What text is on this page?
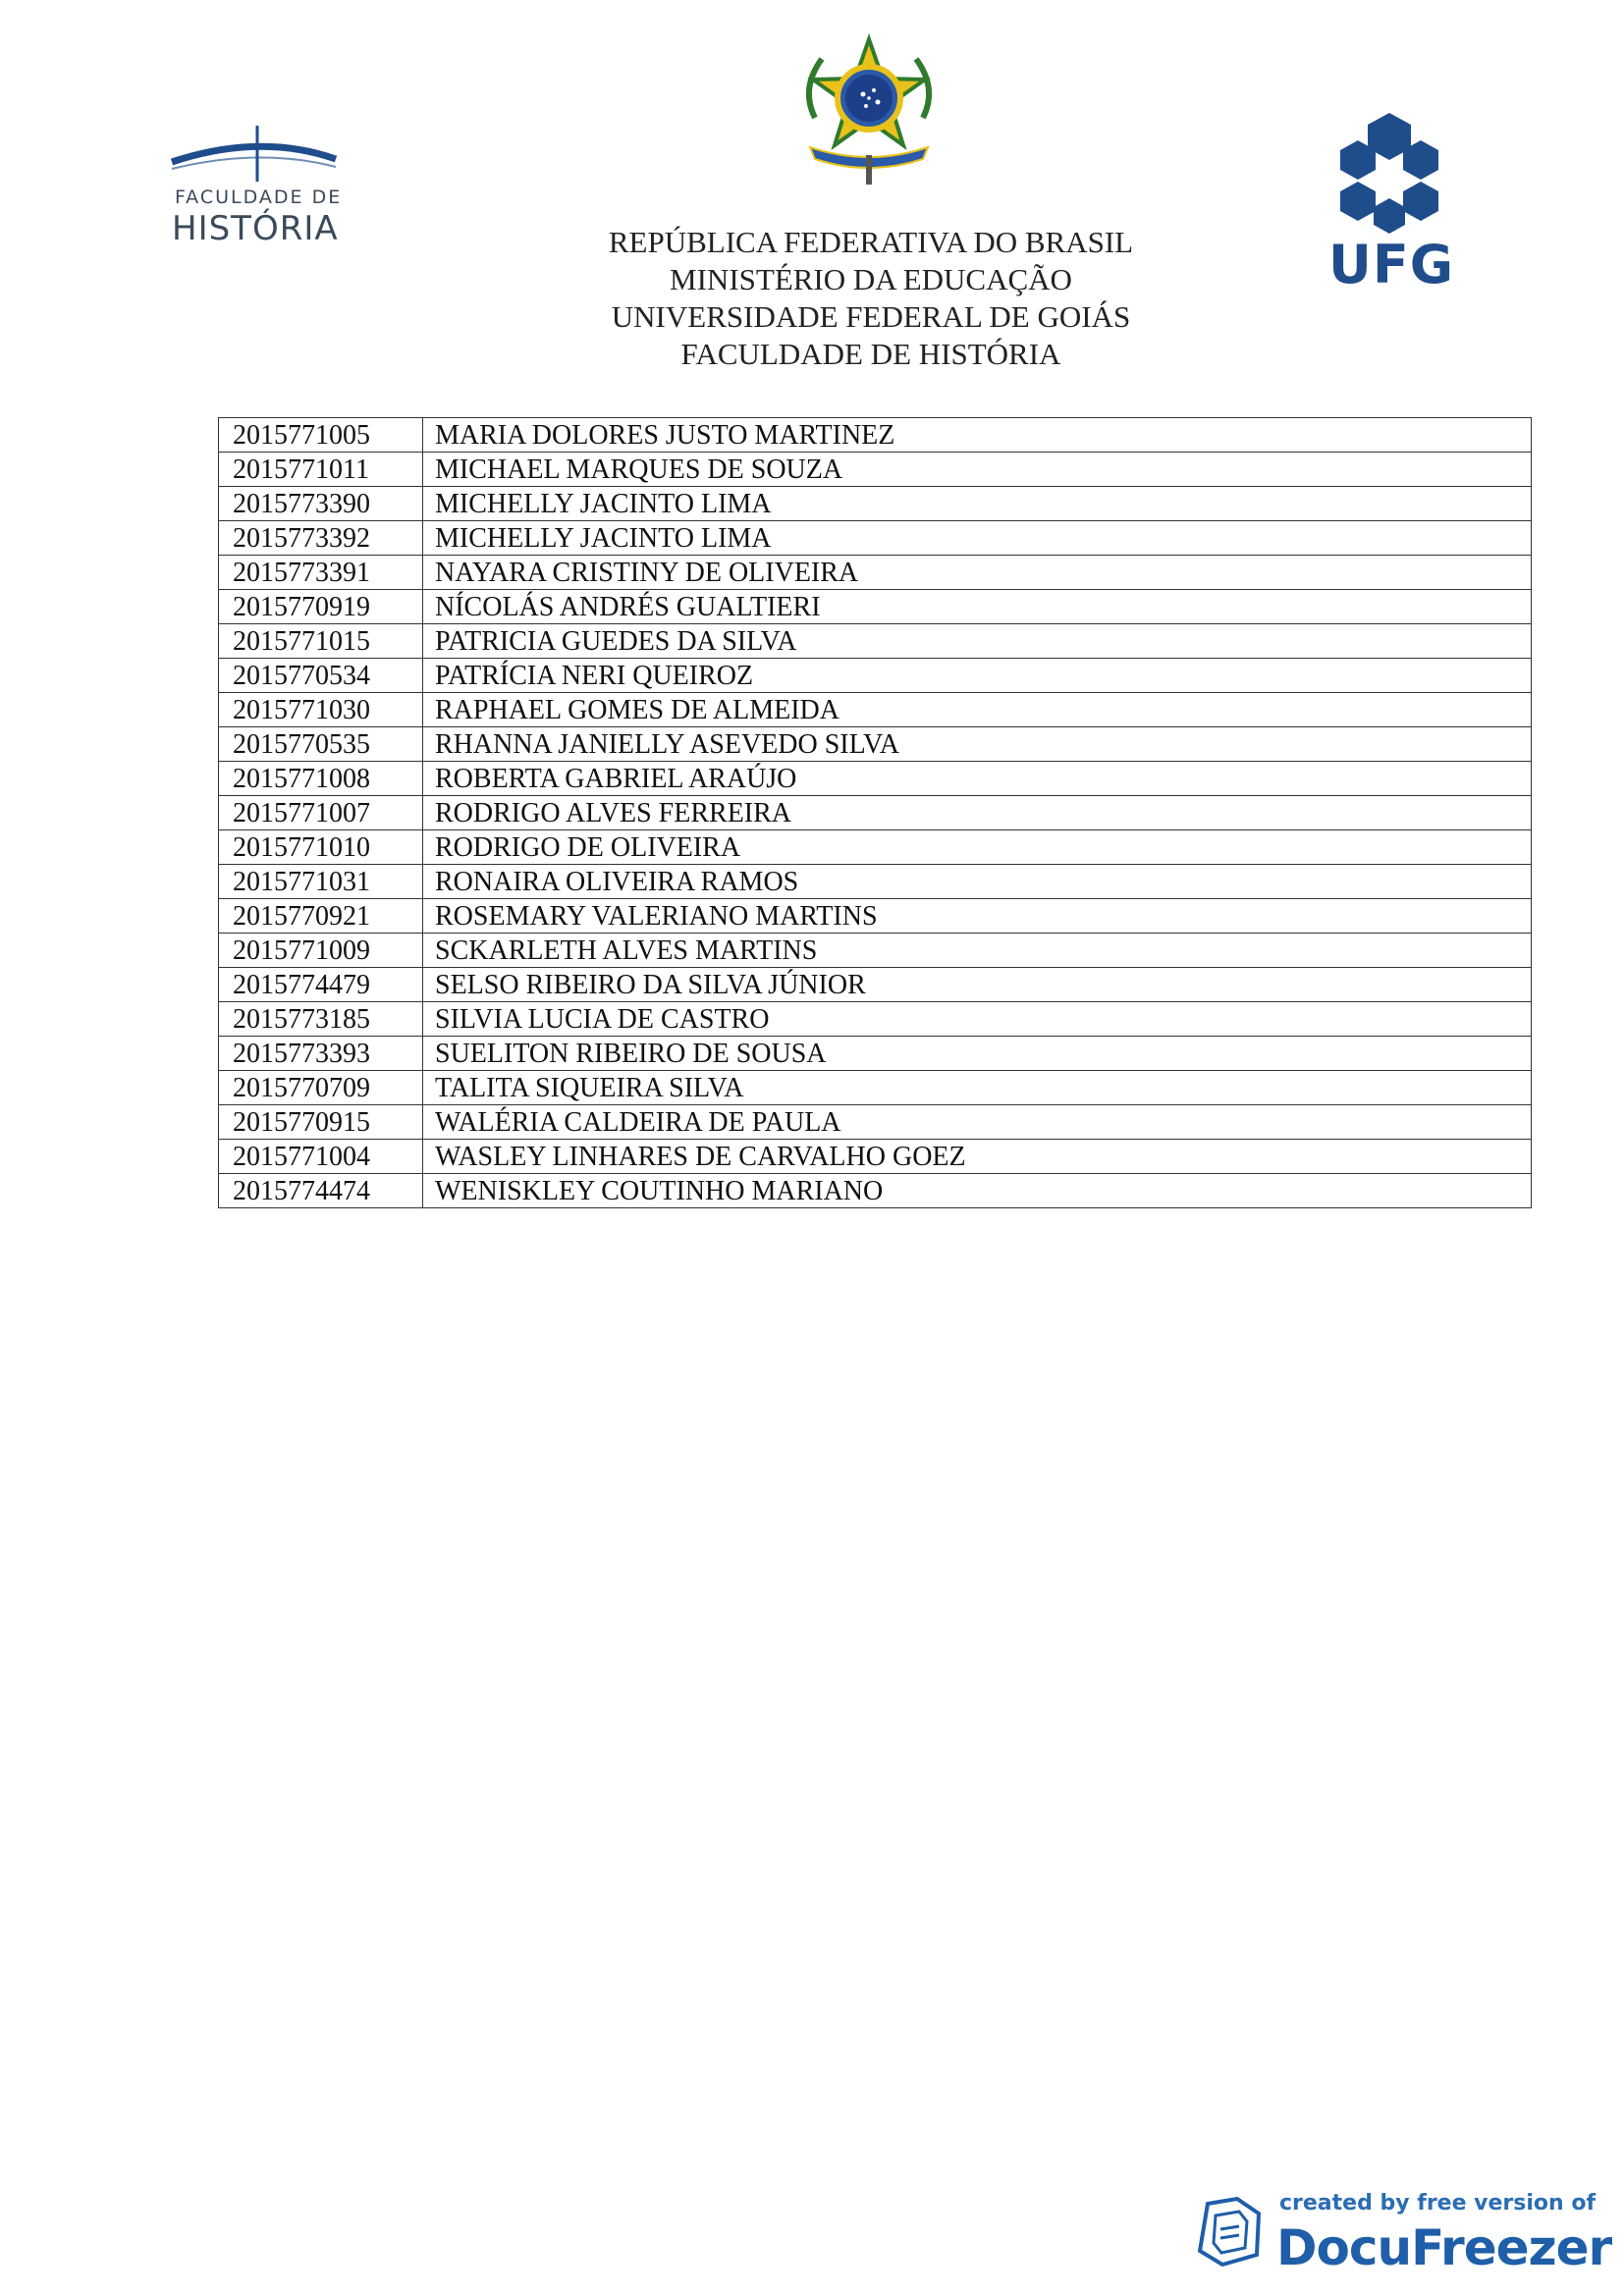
FACULDADE DE
HISTÓRIA
UFG
REPÚBLICA FEDERATIVA DO BRASIL
MINISTÉRIO DA EDUCAÇÃO
UNIVERSIDADE FEDERAL DE GOIÁS
FACULDADE DE HISTÓRIA
2015771005	MARIA DOLORES JUSTO MARTINEZ
2015771011	MICHAEL MARQUES DE SOUZA
2015773390	MICHELLY JACINTO LIMA
2015773392	MICHELLY JACINTO LIMA
2015773391	NAYARA CRISTINY DE OLIVEIRA
2015770919	NÍCOLÁS ANDRÉS GUALTIERI
2015771015	PATRICIA GUEDES DA SILVA
2015770534	PATRÍCIA NERI QUEIROZ
2015771030	RAPHAEL GOMES DE ALMEIDA
2015770535	RHANNA JANIELLY ASEVEDO SILVA
2015771008	ROBERTA GABRIEL ARAÚJO
2015771007	RODRIGO ALVES FERREIRA
2015771010	RODRIGO DE OLIVEIRA
2015771031	RONAIRA OLIVEIRA RAMOS
2015770921	ROSEMARY VALERIANO MARTINS
2015771009	SCKARLETH ALVES MARTINS
2015774479	SELSO RIBEIRO DA SILVA JÚNIOR
2015773185	SILVIA LUCIA DE CASTRO
2015773393	SUELITON RIBEIRO DE SOUSA
2015770709	TALITA SIQUEIRA SILVA
2015770915	WALÉRIA CALDEIRA DE PAULA
2015771004	WASLEY LINHARES DE CARVALHO GOEZ
2015774474	WENISKLEY COUTINHO MARIANO
created by free version of
DocuFreezer
